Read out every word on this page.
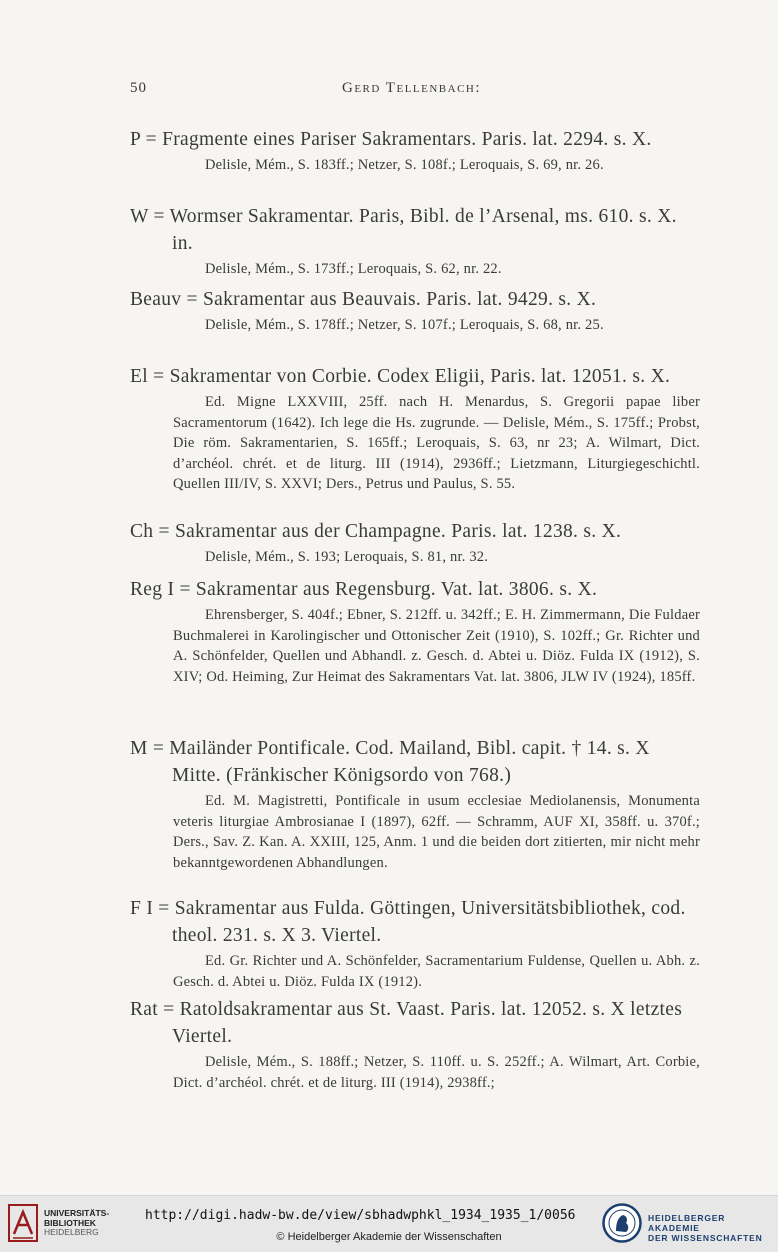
50	Gerd Tellenbach:
P = Fragmente eines Pariser Sakramentars. Paris. lat. 2294. s. X.
Delisle, Mém., S. 183ff.; Netzer, S. 108f.; Leroquais, S. 69, nr. 26.
W = Wormser Sakramentar. Paris, Bibl. de l’Arsenal, ms. 610. s. X. in.
Delisle, Mém., S. 173ff.; Leroquais, S. 62, nr. 22.
Beauv = Sakramentar aus Beauvais. Paris. lat. 9429. s. X.
Delisle, Mém., S. 178ff.; Netzer, S. 107f.; Leroquais, S. 68, nr. 25.
El = Sakramentar von Corbie. Codex Eligii, Paris. lat. 12051. s. X.
Ed. Migne LXXVIII, 25ff. nach H. Menardus, S. Gregorii papae liber Sacramentorum (1642). Ich lege die Hs. zugrunde. — Delisle, Mém., S. 175ff.; Probst, Die röm. Sakramentarien, S. 165ff.; Leroquais, S. 63, nr 23; A. Wilmart, Dict. d’archéol. chrét. et de liturg. III (1914), 2936ff.; Lietzmann, Liturgiegeschichtl. Quellen III/IV, S. XXVI; Ders., Petrus und Paulus, S. 55.
Ch = Sakramentar aus der Champagne. Paris. lat. 1238. s. X.
Delisle, Mém., S. 193; Leroquais, S. 81, nr. 32.
Reg I = Sakramentar aus Regensburg. Vat. lat. 3806. s. X.
Ehrensberger, S. 404f.; Ebner, S. 212ff. u. 342ff.; E. H. Zimmermann, Die Fuldaer Buchmalerei in Karolingischer und Ottonischer Zeit (1910), S. 102ff.; Gr. Richter und A. Schönfelder, Quellen und Abhandl. z. Gesch. d. Abtei u. Diöz. Fulda IX (1912), S. XIV; Od. Heiming, Zur Heimat des Sakramentars Vat. lat. 3806, JLW IV (1924), 185ff.
M = Mailänder Pontificale. Cod. Mailand, Bibl. capit. † 14. s. X Mitte. (Fränkischer Königsordo von 768.)
Ed. M. Magistretti, Pontificale in usum ecclesiae Mediolanensis, Monumenta veteris liturgiae Ambrosianae I (1897), 62ff. — Schramm, AUF XI, 358ff. u. 370f.; Ders., Sav. Z. Kan. A. XXIII, 125, Anm. 1 und die beiden dort zitierten, mir nicht mehr bekanntgewordenen Abhandlungen.
F I = Sakramentar aus Fulda. Göttingen, Universitätsbibliothek, cod. theol. 231. s. X 3. Viertel.
Ed. Gr. Richter und A. Schönfelder, Sacramentarium Fuldense, Quellen u. Abh. z. Gesch. d. Abtei u. Diöz. Fulda IX (1912).
Rat = Ratoldsakramentar aus St. Vaast. Paris. lat. 12052. s. X letztes Viertel.
Delisle, Mém., S. 188ff.; Netzer, S. 110ff. u. S. 252ff.; A. Wilmart, Art. Corbie, Dict. d’archéol. chrét. et de liturg. III (1914), 2938ff.;
UNIVERSITÄTS-
BIBLIOTHEK
HEIDELBERG
http://digi.hadw-bw.de/view/sbhadwphkl_1934_1935_1/0056
© Heidelberger Akademie der Wissenschaften
HEIDELBERGER AKADEMIE
DER WISSENSCHAFTEN
